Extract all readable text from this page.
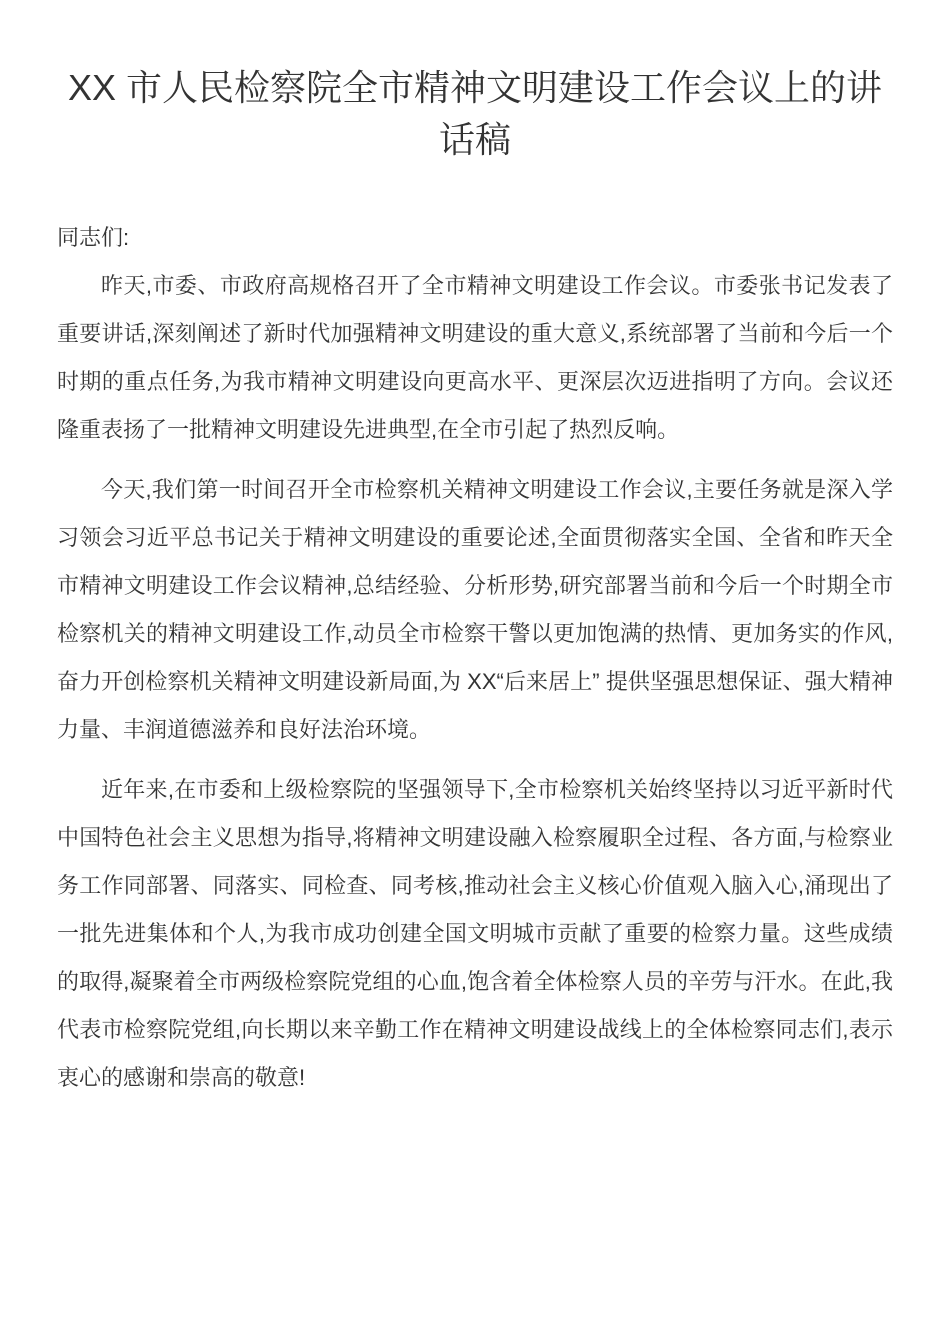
XX 市人民检察院全市精神文明建设工作会议上的讲话稿

同志们:

昨天,市委、市政府高规格召开了全市精神文明建设工作会议。市委张书记发表了重要讲话,深刻阐述了新时代加强精神文明建设的重大意义,系统部署了当前和今后一个时期的重点任务,为我市精神文明建设向更高水平、更深层次迈进指明了方向。会议还隆重表扬了一批精神文明建设先进典型,在全市引起了热烈反响。

今天,我们第一时间召开全市检察机关精神文明建设工作会议,主要任务就是深入学习领会习近平总书记关于精神文明建设的重要论述,全面贯彻落实全国、全省和昨天全市精神文明建设工作会议精神,总结经验、分析形势,研究部署当前和今后一个时期全市检察机关的精神文明建设工作,动员全市检察干警以更加饱满的热情、更加务实的作风,奋力开创检察机关精神文明建设新局面,为 XX“后来居上” 提供坚强思想保证、强大精神力量、丰润道德滋养和良好法治环境。

近年来,在市委和上级检察院的坚强领导下,全市检察机关始终坚持以习近平新时代中国特色社会主义思想为指导,将精神文明建设融入检察履职全过程、各方面,与检察业务工作同部署、同落实、同检查、同考核,推动社会主义核心价值观入脑入心,涌现出了一批先进集体和个人,为我市成功创建全国文明城市贡献了重要的检察力量。这些成绩的取得,凝聚着全市两级检察院党组的心血,饱含着全体检察人员的辛劳与汗水。在此,我代表市检察院党组,向长期以来辛勤工作在精神文明建设战线上的全体检察同志们,表示衷心的感谢和崇高的敬意!
